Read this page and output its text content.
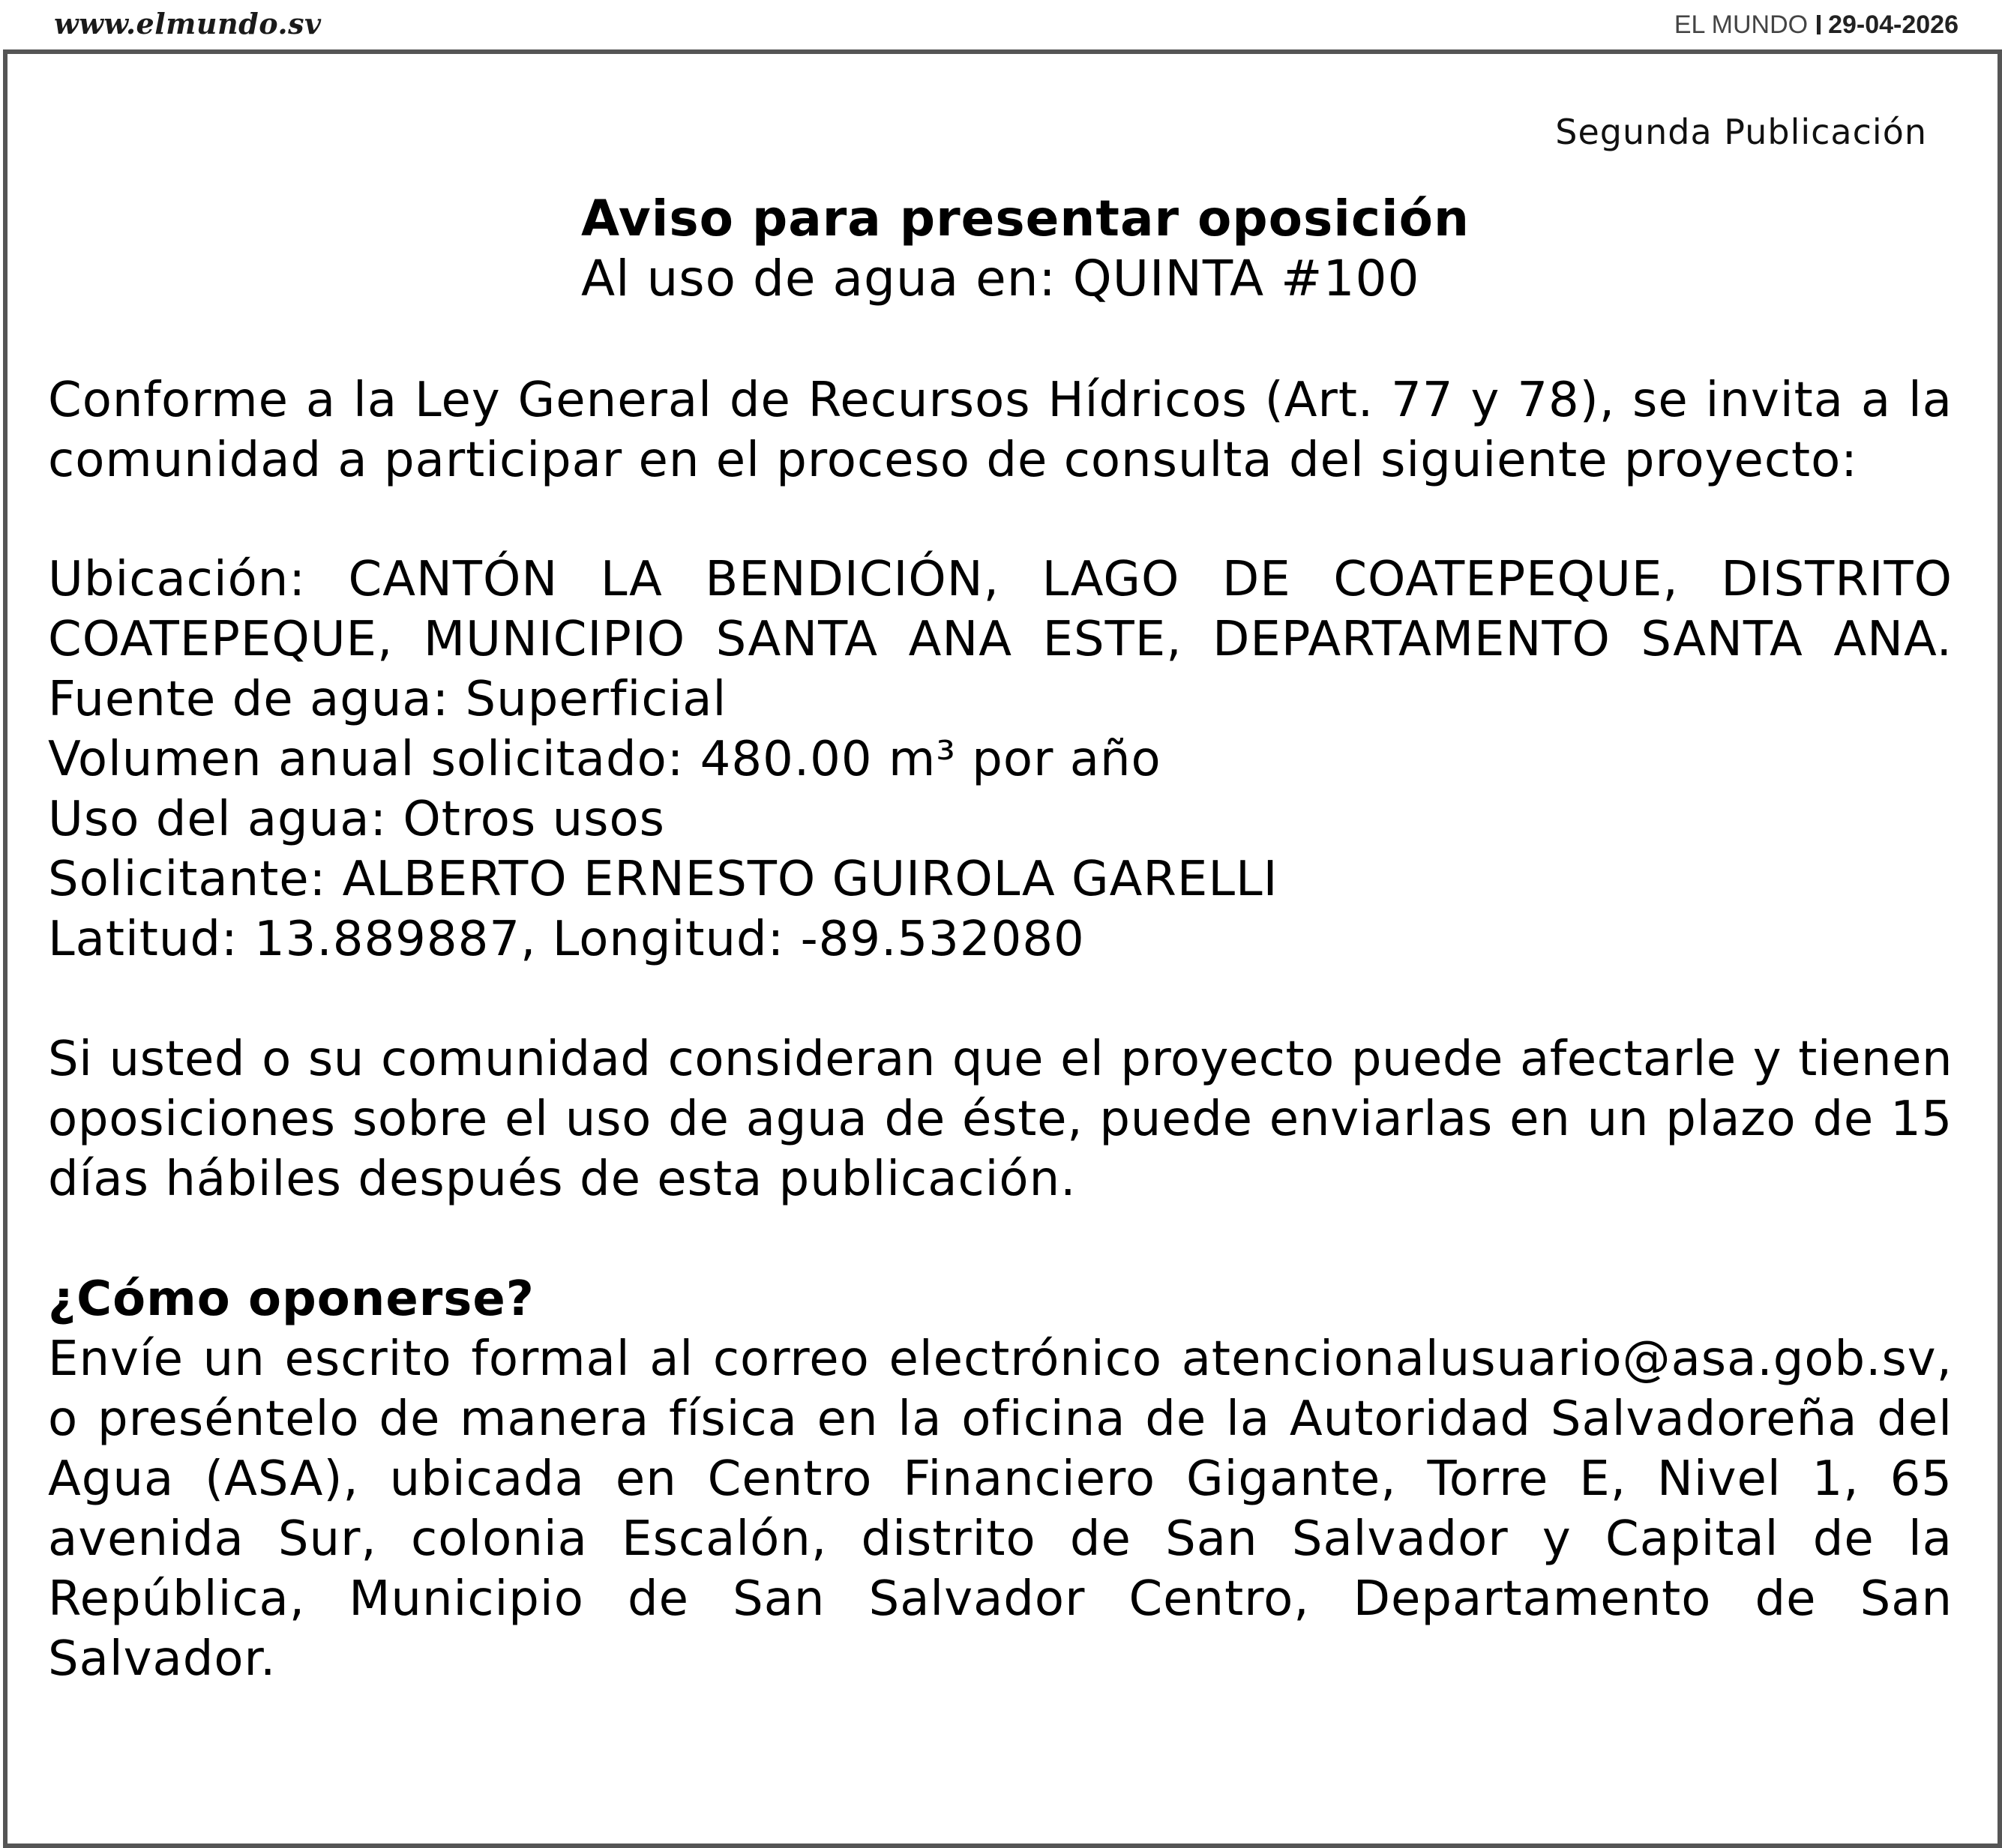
www.elmundo.sv	EL MUNDO 29-04-2026
Segunda Publicación
Aviso para presentar oposición
Al uso de agua en: QUINTA #100
Conforme a la Ley General de Recursos Hídricos (Art. 77 y 78), se invita a la
comunidad a participar en el proceso de consulta del siguiente proyecto:
Ubicación: CANTÓN LA BENDICIÓN, LAGO DE COATEPEQUE, DISTRITO
COATEPEQUE, MUNICIPIO SANTA ANA ESTE, DEPARTAMENTO SANTA ANA.
Fuente de agua: Superficial
Volumen anual solicitado: 480.00 m³ por año
Uso del agua: Otros usos
Solicitante: ALBERTO ERNESTO GUIROLA GARELLI
Latitud: 13.889887, Longitud: -89.532080
Si usted o su comunidad consideran que el proyecto puede afectarle y tienen
oposiciones sobre el uso de agua de éste, puede enviarlas en un plazo de 15
días hábiles después de esta publicación.
¿Cómo oponerse?
Envíe un escrito formal al correo electrónico atencionalusuario@asa.gob.sv,
o preséntelo de manera física en la oficina de la Autoridad Salvadoreña del
Agua (ASA), ubicada en Centro Financiero Gigante, Torre E, Nivel 1, 65
avenida Sur, colonia Escalón, distrito de San Salvador y Capital de la
República, Municipio de San Salvador Centro, Departamento de San
Salvador.
